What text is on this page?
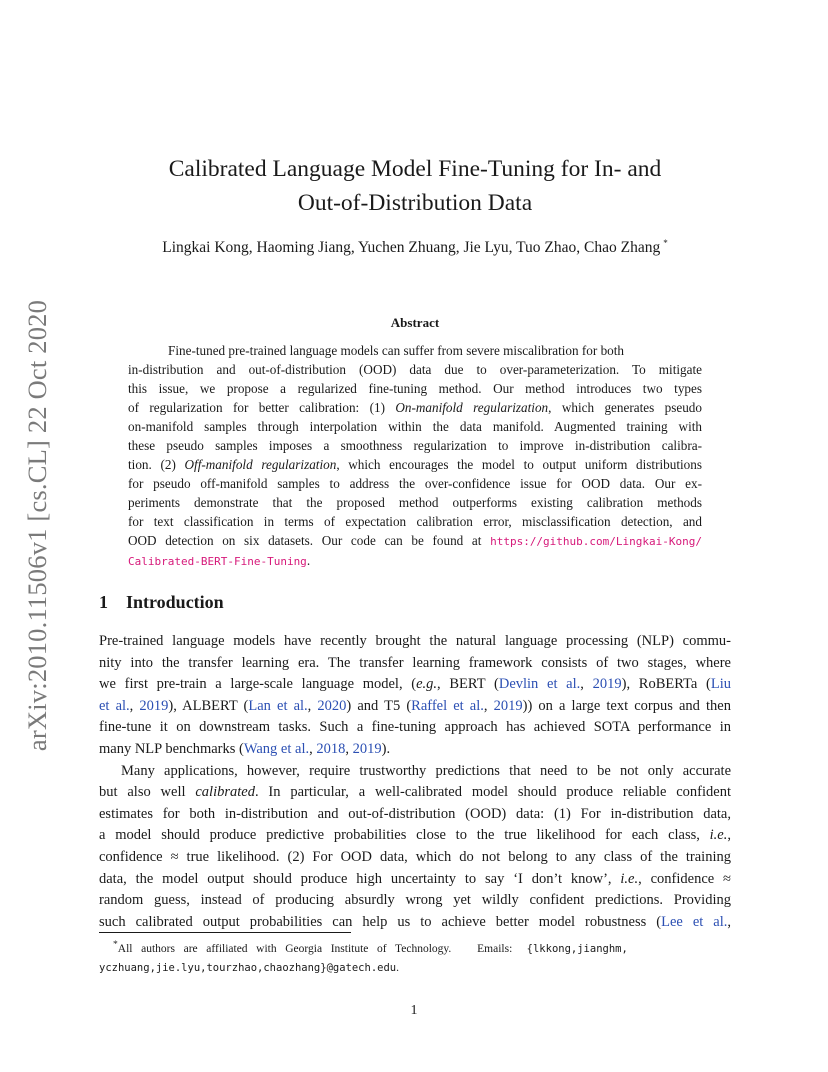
arXiv:2010.11506v1 [cs.CL] 22 Oct 2020
Calibrated Language Model Fine-Tuning for In- and
Out-of-Distribution Data
Lingkai Kong, Haoming Jiang, Yuchen Zhuang, Jie Lyu, Tuo Zhao, Chao Zhang *
Abstract
Fine-tuned pre-trained language models can suffer from severe miscalibration for both
in-distribution and out-of-distribution (OOD) data due to over-parameterization. To mitigate
this issue, we propose a regularized fine-tuning method. Our method introduces two types
of regularization for better calibration: (1) On-manifold regularization, which generates pseudo
on-manifold samples through interpolation within the data manifold. Augmented training with
these pseudo samples imposes a smoothness regularization to improve in-distribution calibra-
tion. (2) Off-manifold regularization, which encourages the model to output uniform distributions
for pseudo off-manifold samples to address the over-confidence issue for OOD data. Our ex-
periments demonstrate that the proposed method outperforms existing calibration methods
for text classification in terms of expectation calibration error, misclassification detection, and
OOD detection on six datasets. Our code can be found at https://github.com/Lingkai-Kong/
Calibrated-BERT-Fine-Tuning.
1 Introduction
Pre-trained language models have recently brought the natural language processing (NLP) commu-
nity into the transfer learning era. The transfer learning framework consists of two stages, where
we first pre-train a large-scale language model, (e.g., BERT (Devlin et al., 2019), RoBERTa (Liu
et al., 2019), ALBERT (Lan et al., 2020) and T5 (Raffel et al., 2019)) on a large text corpus and then
fine-tune it on downstream tasks. Such a fine-tuning approach has achieved SOTA performance in
many NLP benchmarks (Wang et al., 2018, 2019).
Many applications, however, require trustworthy predictions that need to be not only accurate
but also well calibrated. In particular, a well-calibrated model should produce reliable confident
estimates for both in-distribution and out-of-distribution (OOD) data: (1) For in-distribution data,
a model should produce predictive probabilities close to the true likelihood for each class, i.e.,
confidence ≈ true likelihood. (2) For OOD data, which do not belong to any class of the training
data, the model output should produce high uncertainty to say ‘I don’t know’, i.e., confidence ≈
random guess, instead of producing absurdly wrong yet wildly confident predictions. Providing
such calibrated output probabilities can help us to achieve better model robustness (Lee et al.,
*All   authors   are   affiliated   with   Georgia   Institute   of   Technology.         Emails:     {lkkong,jianghm,
yczhuang,jie.lyu,tourzhao,chaozhang}@gatech.edu.
1
